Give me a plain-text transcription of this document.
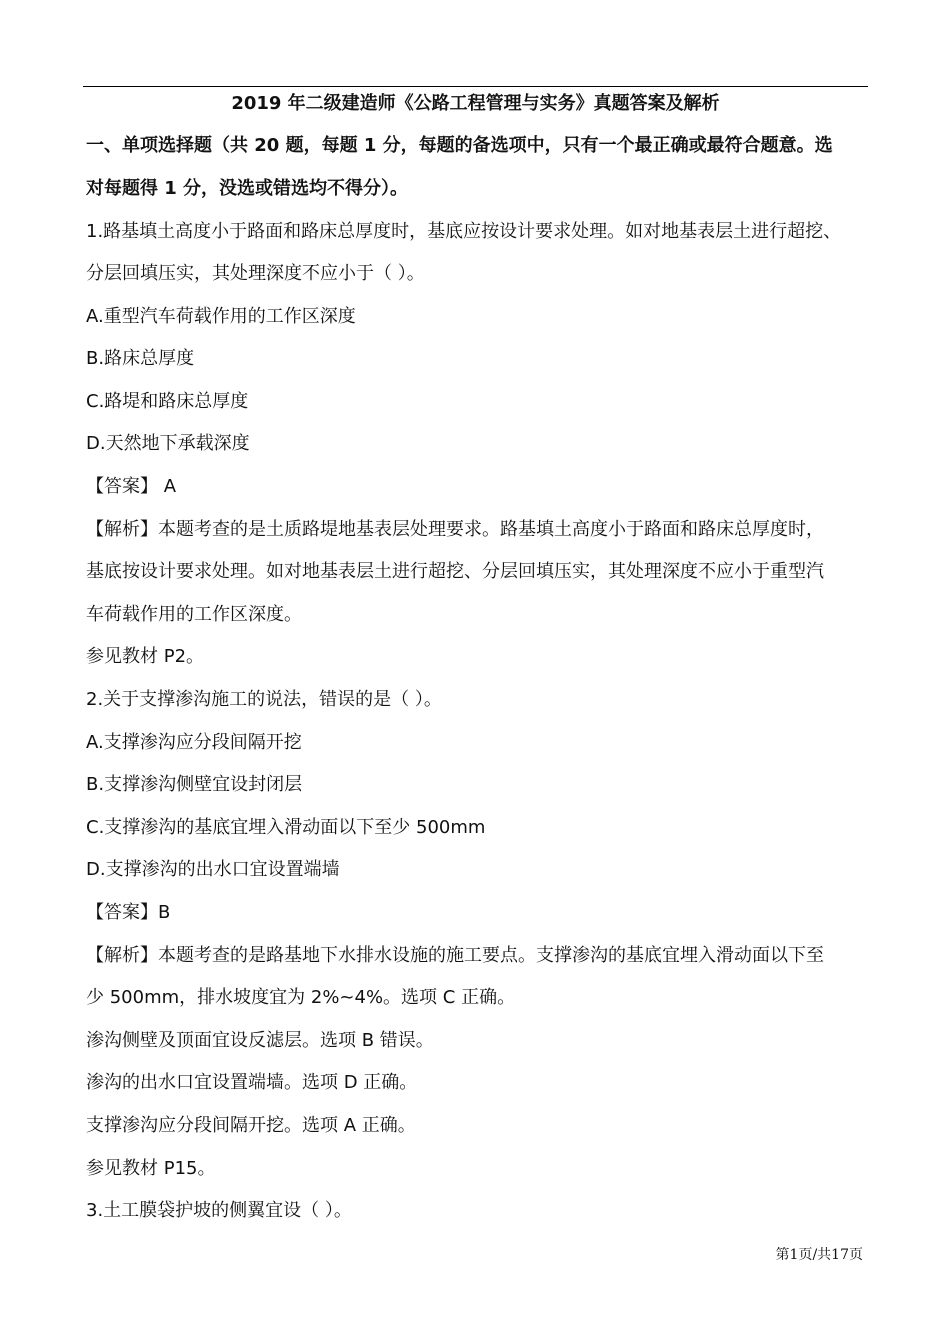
2019 年二级建造师《公路工程管理与实务》真题答案及解析
一、单项选择题（共 20 题，每题 1 分，每题的备选项中，只有一个最正确或最符合题意。选
对每题得 1 分，没选或错选均不得分）。
1.路基填土高度小于路面和路床总厚度时，基底应按设计要求处理。如对地基表层土进行超挖、
分层回填压实，其处理深度不应小于（ ）。
A.重型汽车荷载作用的工作区深度
B.路床总厚度
C.路堤和路床总厚度
D.天然地下承载深度
【答案】 A
【解析】本题考查的是土质路堤地基表层处理要求。路基填土高度小于路面和路床总厚度时，
基底按设计要求处理。如对地基表层土进行超挖、分层回填压实，其处理深度不应小于重型汽
车荷载作用的工作区深度。
参见教材 P2。
2.关于支撑渗沟施工的说法，错误的是（ ）。
A.支撑渗沟应分段间隔开挖
B.支撑渗沟侧壁宜设封闭层
C.支撑渗沟的基底宜埋入滑动面以下至少 500mm
D.支撑渗沟的出水口宜设置端墙
【答案】B
【解析】本题考查的是路基地下水排水设施的施工要点。支撑渗沟的基底宜埋入滑动面以下至
少 500mm，排水坡度宜为 2%~4%。选项 C 正确。
渗沟侧壁及顶面宜设反滤层。选项 B 错误。
渗沟的出水口宜设置端墙。选项 D 正确。
支撑渗沟应分段间隔开挖。选项 A 正确。
参见教材 P15。
3.土工膜袋护坡的侧翼宜设（ ）。
第1页/共17页
